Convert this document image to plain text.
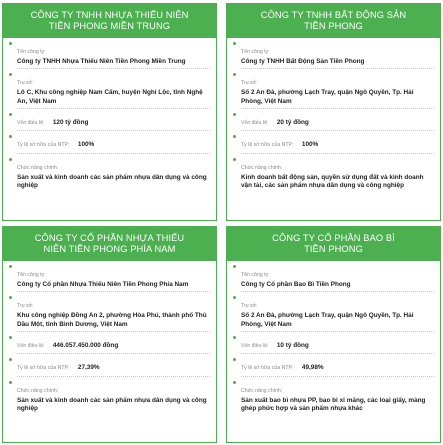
CÔNG TY TNHH NHỰA THIẾU NIÊN
TIỀN PHONG MIỀN TRUNG
Tên công ty:
Công ty TNHH Nhựa Thiếu Niên Tiền Phong Miền Trung
Trụ sở:
Lô C, Khu công nghiệp Nam Cấm, huyện Nghi Lộc, tỉnh Nghệ An, Việt Nam
Vốn điều lệ: 120 tỷ đồng
Tỷ lệ sở hữu của NTP: 100%
Chức năng chính:
Sản xuất và kinh doanh các sản phẩm nhựa dân dụng và công nghiệp
CÔNG TY TNHH BẤT ĐỘNG SẢN
TIỀN PHONG
Tên công ty:
Công ty TNHH Bất Động Sản Tiền Phong
Trụ sở:
Số 2 An Đà, phường Lạch Tray, quận Ngô Quyền, Tp. Hải Phòng, Việt Nam
Vốn điều lệ: 20 tỷ đồng
Tỷ lệ sở hữu của NTP: 100%
Chức năng chính:
Kinh doanh bất động sản, quyền sử dụng đất và kinh doanh vận tải, các sản phẩm nhựa dân dụng và công nghiệp
CÔNG TY CỔ PHẦN NHỰA THIẾU
NIÊN TIỀN PHONG PHÍA NAM
Tên công ty:
Công ty Cổ phần Nhựa Thiếu Niên Tiền Phong Phía Nam
Trụ sở:
Khu công nghiệp Đồng An 2, phường Hòa Phú, thành phố Thủ Dầu Một, tỉnh Bình Dương, Việt Nam
Vốn điều lệ: 446.057.450.000 đồng
Tỷ lệ sở hữu của NTP: 27,39%
Chức năng chính:
Sản xuất và kinh doanh các sản phẩm nhựa dân dụng và công nghiệp
CÔNG TY CỔ PHẦN BAO BÌ
TIỀN PHONG
Tên công ty:
Công ty Cổ phần Bao Bì Tiền Phong
Trụ sở:
Số 2 An Đà, phường Lạch Tray, quận Ngô Quyền, Tp. Hải Phòng, Việt Nam
Vốn điều lệ: 10 tỷ đồng
Tỷ lệ sở hữu của NTP: 49,98%
Chức năng chính:
Sản xuất bao bì nhựa PP, bao bì xi măng, các loại giấy, màng ghép phức hợp và sản phẩm nhựa khác
